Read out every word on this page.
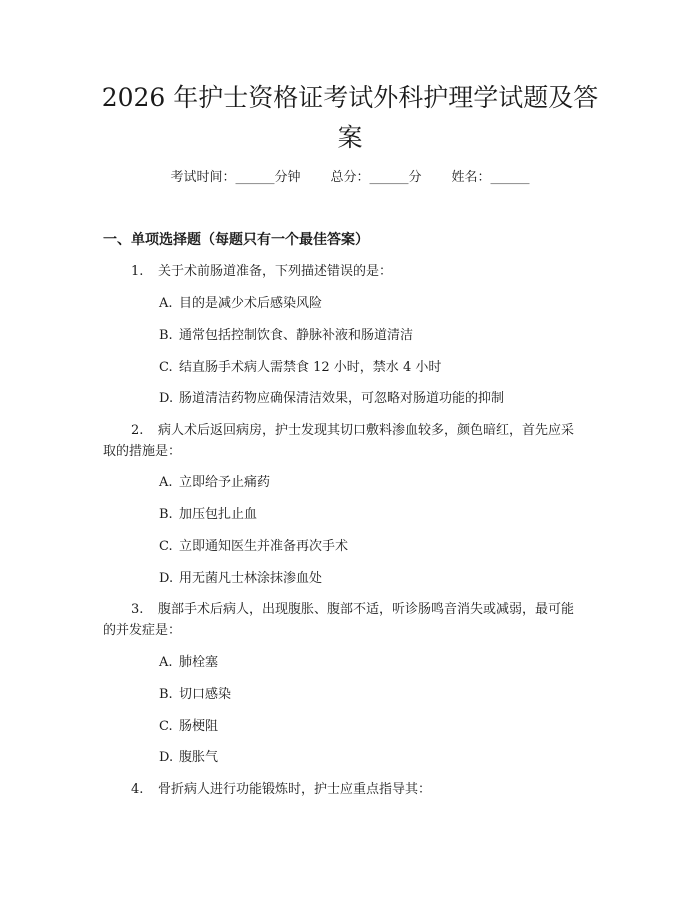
2026 年护士资格证考试外科护理学试题及答
案
考试时间：______分钟 总分：______分 姓名：______
一、单项选择题（每题只有一个最佳答案）
1. 关于术前肠道准备，下列描述错误的是：
A. 目的是减少术后感染风险
B. 通常包括控制饮食、静脉补液和肠道清洁
C. 结直肠手术病人需禁食 12 小时，禁水 4 小时
D. 肠道清洁药物应确保清洁效果，可忽略对肠道功能的抑制
2. 病人术后返回病房，护士发现其切口敷料渗血较多，颜色暗红，首先应采
取的措施是：
A. 立即给予止痛药
B. 加压包扎止血
C. 立即通知医生并准备再次手术
D. 用无菌凡士林涂抹渗血处
3. 腹部手术后病人，出现腹胀、腹部不适，听诊肠鸣音消失或减弱，最可能
的并发症是：
A. 肺栓塞
B. 切口感染
C. 肠梗阻
D. 腹胀气
4. 骨折病人进行功能锻炼时，护士应重点指导其：
